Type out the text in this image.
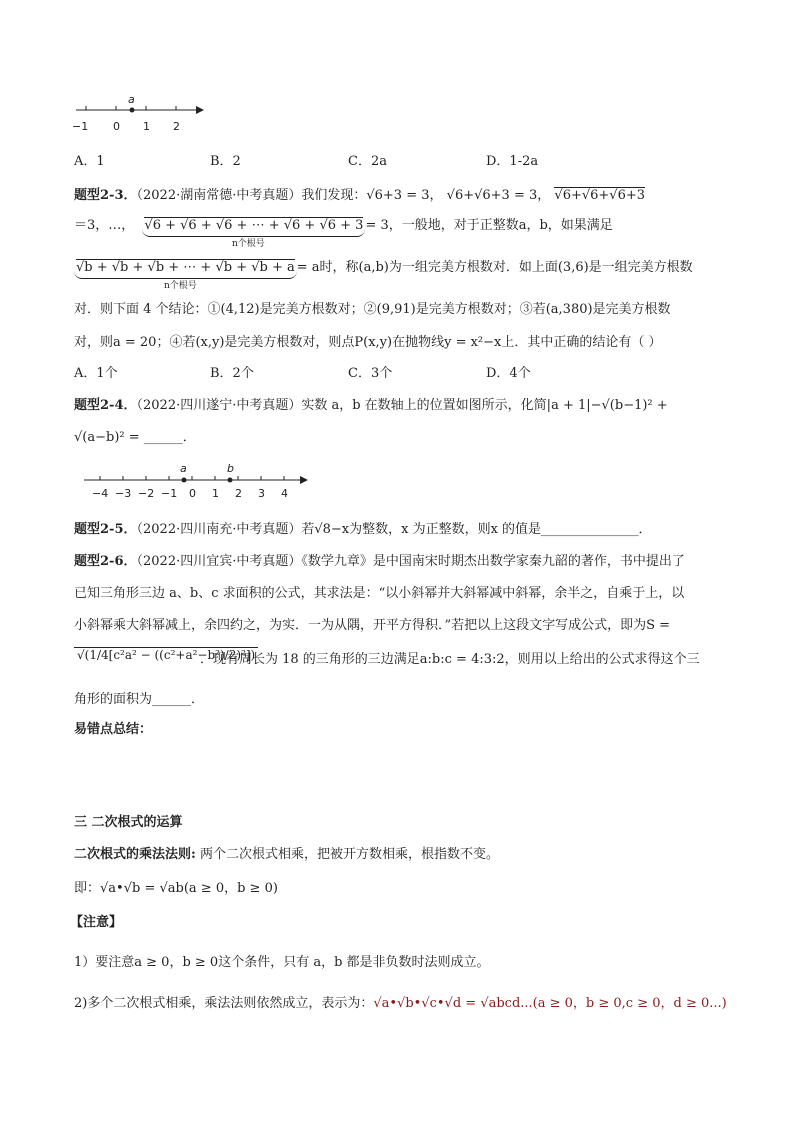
a
−1 0 1 2
A．1	B．2	C．2a	D．1-2a
题型2-3．（2022·湖南常德·中考真题）我们发现：√6+3 = 3， √6+√6+3 = 3， √6+√6+√6+3
＝3，…， √6 + √6 + √6 + ⋯ + √6 + √6 + 3 = 3，一般地，对于正整数a，b，如果满足
n个根号
√b + √b + √b + ⋯ + √b + √b + a = a时，称(a,b)为一组完美方根数对．如上面(3,6)是一组完美方根数
n个根号
对．则下面 4 个结论：①(4,12)是完美方根数对；②(9,91)是完美方根数对；③若(a,380)是完美方根数
对，则a = 20；④若(x,y)是完美方根数对，则点P(x,y)在抛物线y = x²−x上．其中正确的结论有（ ）
A．1个	B．2个	C．3个	D．4个
题型2-4．（2022·四川遂宁·中考真题）实数 a，b 在数轴上的位置如图所示，化简|a + 1|−√(b−1)² +
√(a−b)² = ______．
a	b
−4 −3 −2 −1 0 1 2 3 4
题型2-5．（2022·四川南充·中考真题）若√8−x为整数，x 为正整数，则x 的值是_______________．
题型2-6．（2022·四川宜宾·中考真题）《数学九章》是中国南宋时期杰出数学家秦九韶的著作，书中提出了
已知三角形三边 a、b、c 求面积的公式，其求法是：“以小斜幂并大斜幂减中斜幂，余半之，自乘于上，以
小斜幂乘大斜幂减上，余四约之，为实．一为从隅，开平方得积．”若把以上这段文字写成公式，即为S =
√(1/4[c²a² − ((c²+a²−b²)/2)²])
．现有周长为 18 的三角形的三边满足a:b:c = 4:3:2，则用以上给出的公式求得这个三
角形的面积为______．
易错点总结：
三 二次根式的运算
二次根式的乘法法则: 两个二次根式相乘，把被开方数相乘，根指数不变。
即：√a•√b = √ab(a ≥ 0，b ≥ 0)
【注意】
1）要注意a ≥ 0，b ≥ 0这个条件，只有 a，b 都是非负数时法则成立。
2)多个二次根式相乘，乘法法则依然成立，表示为：√a•√b•√c•√d = √abcd...(a ≥ 0，b ≥ 0,c ≥ 0，d ≥ 0...)
